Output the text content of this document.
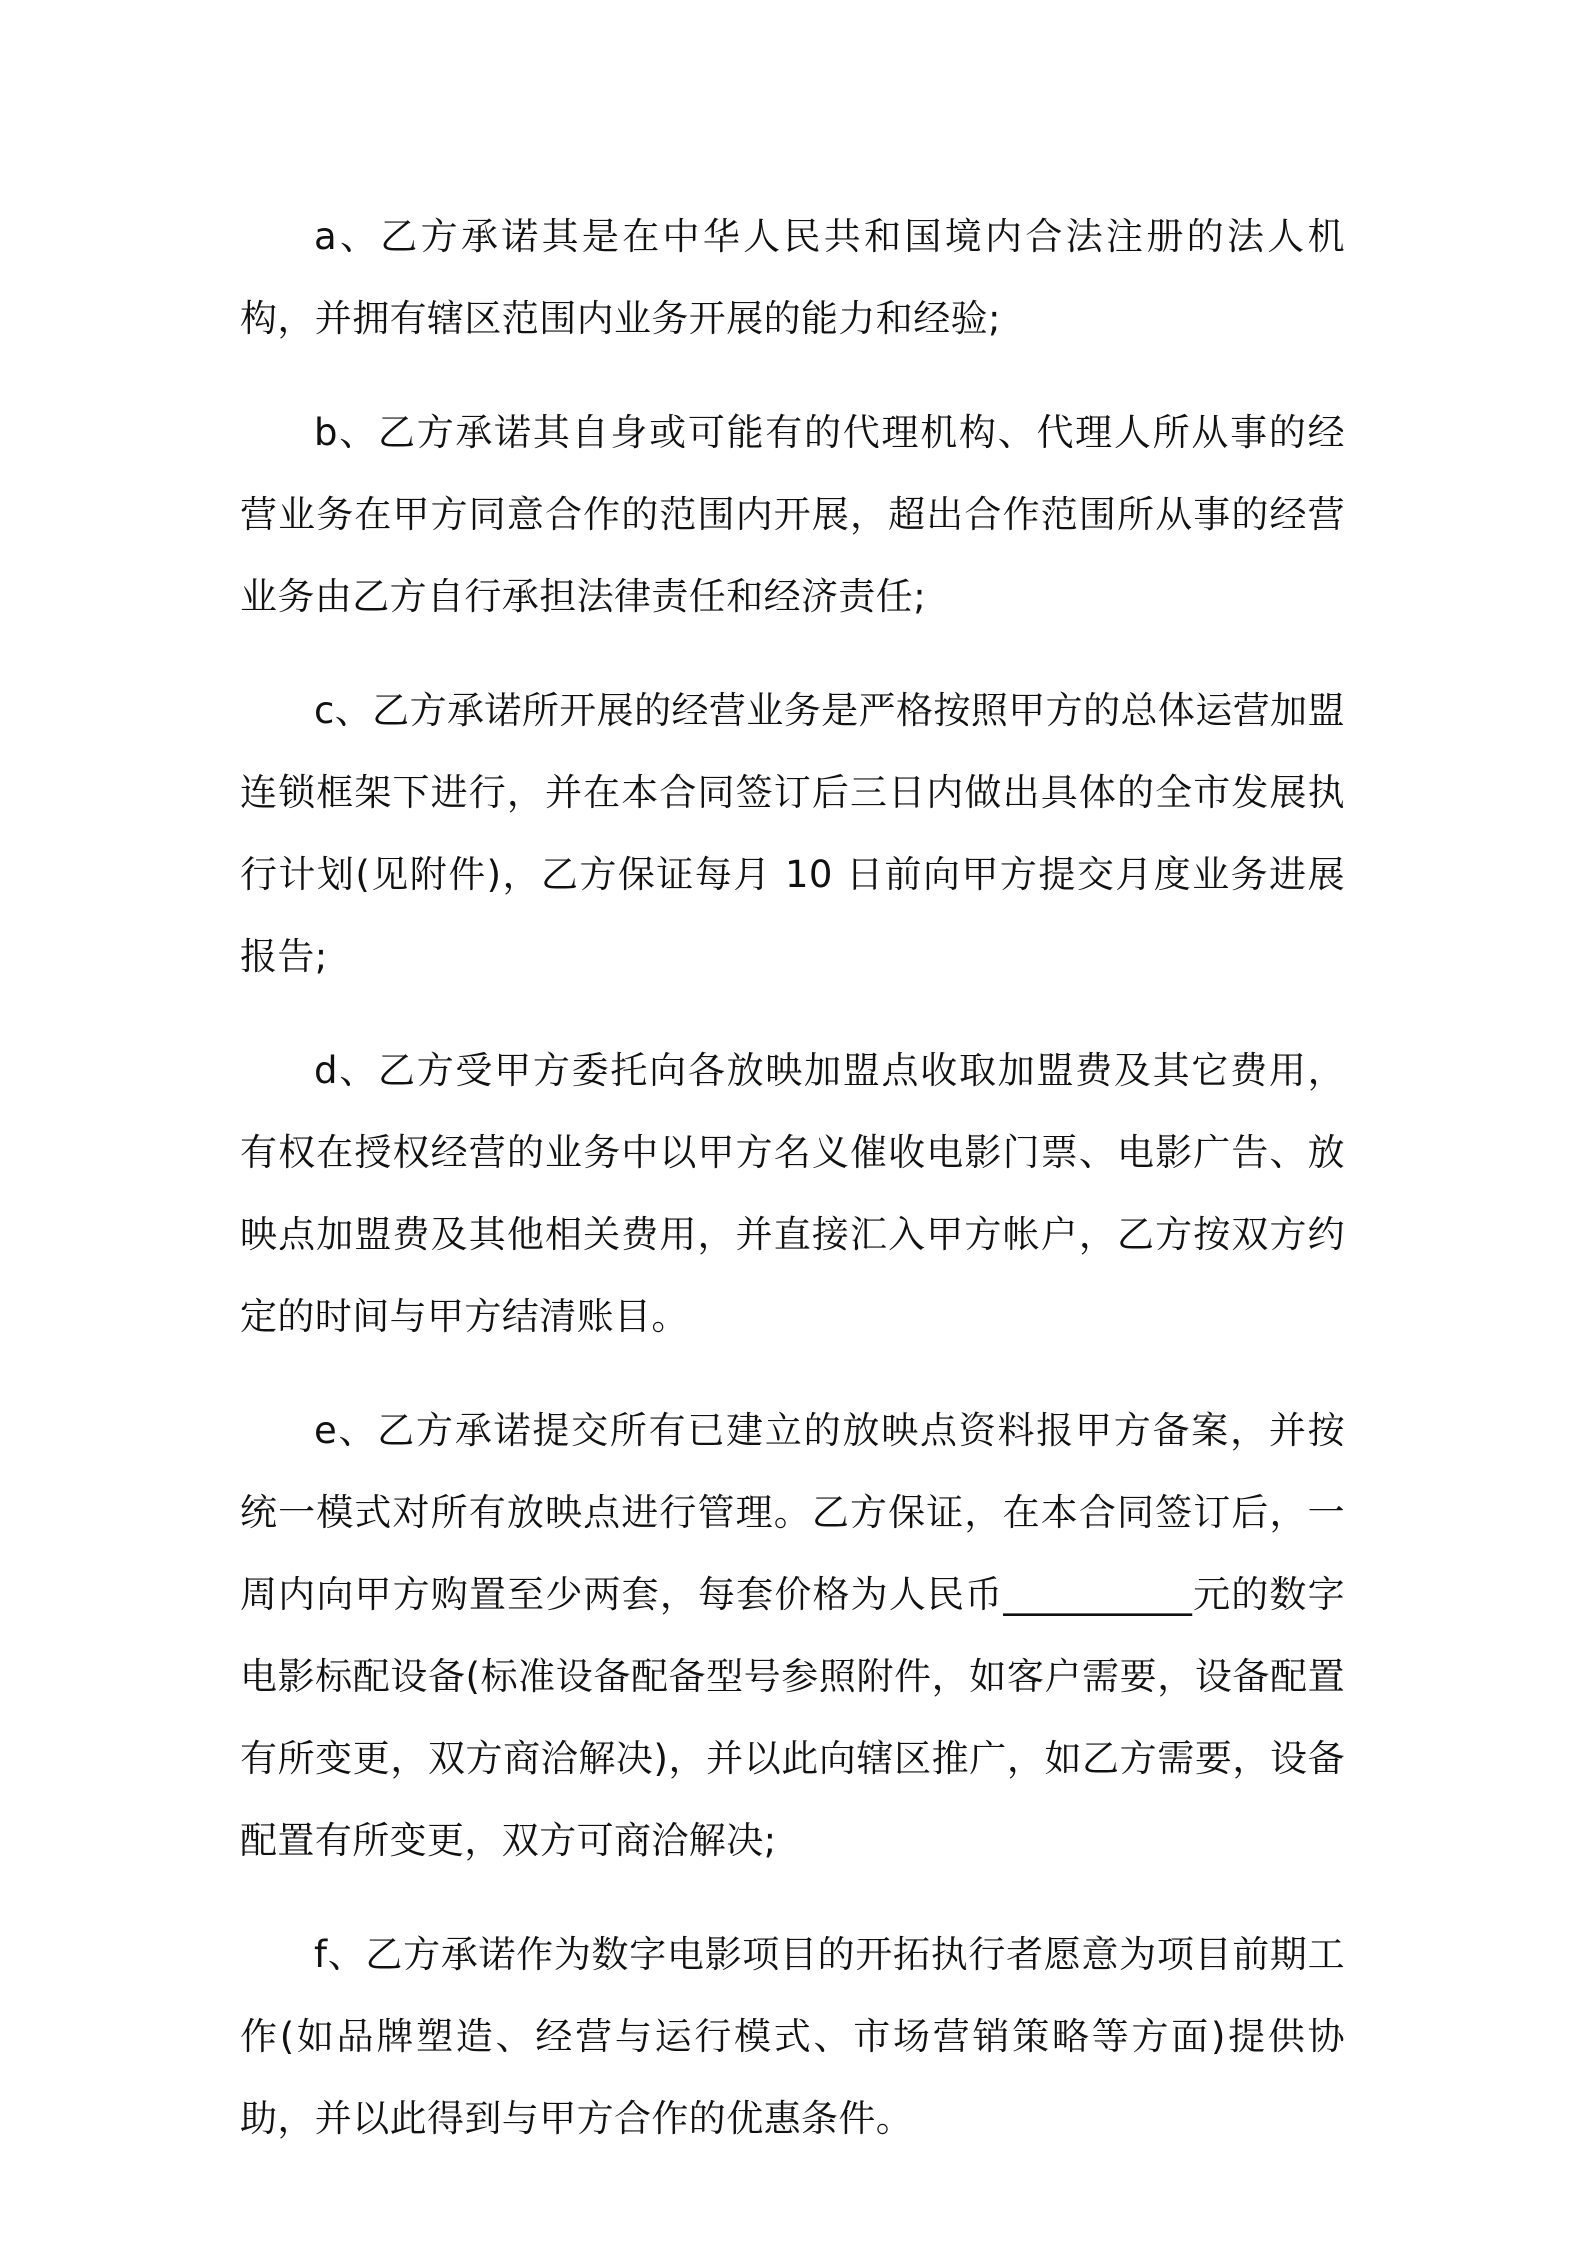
a、乙方承诺其是在中华人民共和国境内合法注册的法人机构，并拥有辖区范围内业务开展的能力和经验;

b、乙方承诺其自身或可能有的代理机构、代理人所从事的经营业务在甲方同意合作的范围内开展，超出合作范围所从事的经营业务由乙方自行承担法律责任和经济责任;

c、乙方承诺所开展的经营业务是严格按照甲方的总体运营加盟连锁框架下进行，并在本合同签订后三日内做出具体的全市发展执行计划(见附件)，乙方保证每月 10 日前向甲方提交月度业务进展报告;

d、乙方受甲方委托向各放映加盟点收取加盟费及其它费用，有权在授权经营的业务中以甲方名义催收电影门票、电影广告、放映点加盟费及其他相关费用，并直接汇入甲方帐户，乙方按双方约定的时间与甲方结清账目。

e、乙方承诺提交所有已建立的放映点资料报甲方备案，并按统一模式对所有放映点进行管理。乙方保证，在本合同签订后，一周内向甲方购置至少两套，每套价格为人民币__________元的数字电影标配设备(标准设备配备型号参照附件，如客户需要，设备配置有所变更，双方商洽解决)，并以此向辖区推广，如乙方需要，设备配置有所变更，双方可商洽解决;

f、乙方承诺作为数字电影项目的开拓执行者愿意为项目前期工作(如品牌塑造、经营与运行模式、市场营销策略等方面)提供协助，并以此得到与甲方合作的优惠条件。
